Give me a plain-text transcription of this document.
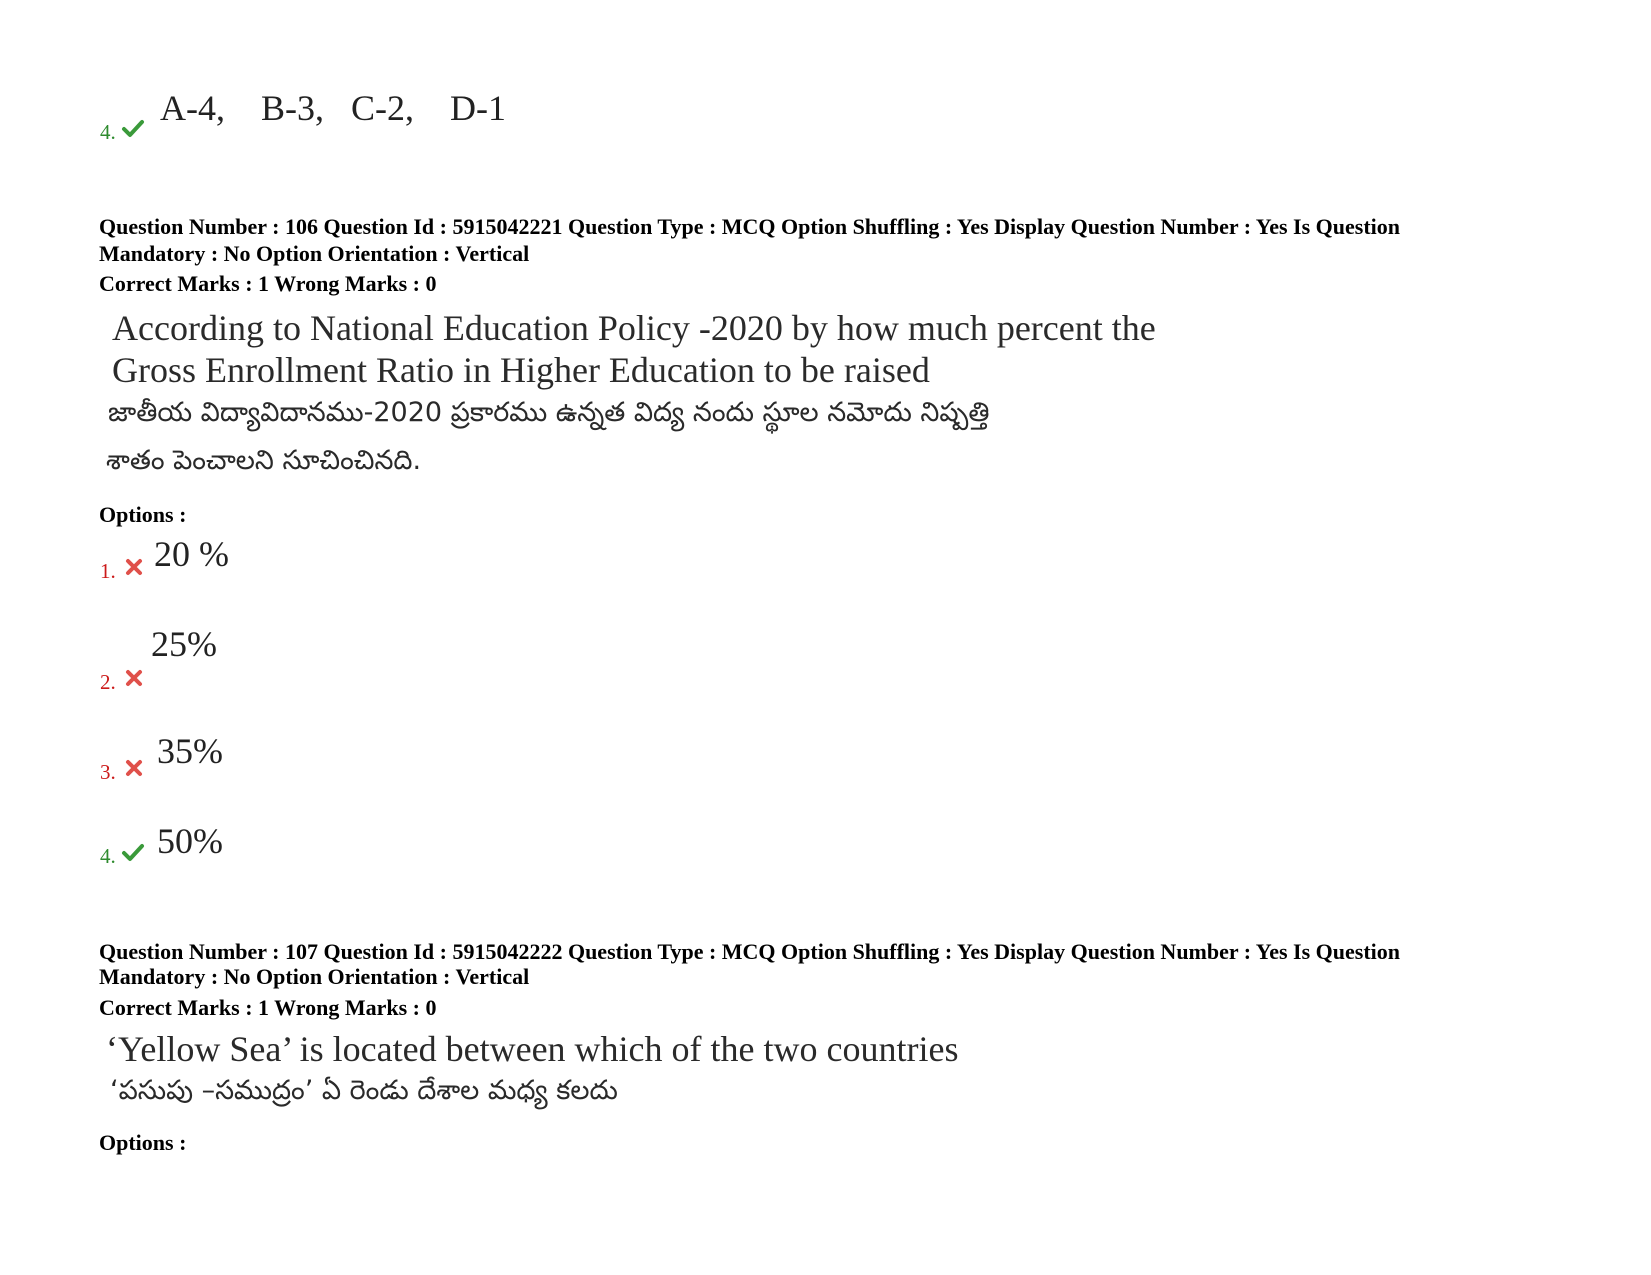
4.
A-4,    B-3,   C-2,    D-1
Question Number : 106 Question Id : 5915042221 Question Type : MCQ Option Shuffling : Yes Display Question Number : Yes Is Question
Mandatory : No Option Orientation : Vertical
Correct Marks : 1 Wrong Marks : 0
According to National Education Policy -2020 by how much percent the
Gross Enrollment Ratio in Higher Education to be raised
జాతీయ విద్యావిదానము-2020 ప్రకారము ఉన్నత విద్య నందు స్థూల నమోదు నిష్పత్తి
శాతం పెంచాలని సూచించినది.
Options :
1. 20 %
2.
25%
3.
35%
4. 50%
Question Number : 107 Question Id : 5915042222 Question Type : MCQ Option Shuffling : Yes Display Question Number : Yes Is Question
Mandatory : No Option Orientation : Vertical
Correct Marks : 1 Wrong Marks : 0
‘Yellow Sea’ is located between which of the two countries
‘పసుపు –సముద్రం’ ఏ రెండు దేశాల మధ్య కలదు
Options :
